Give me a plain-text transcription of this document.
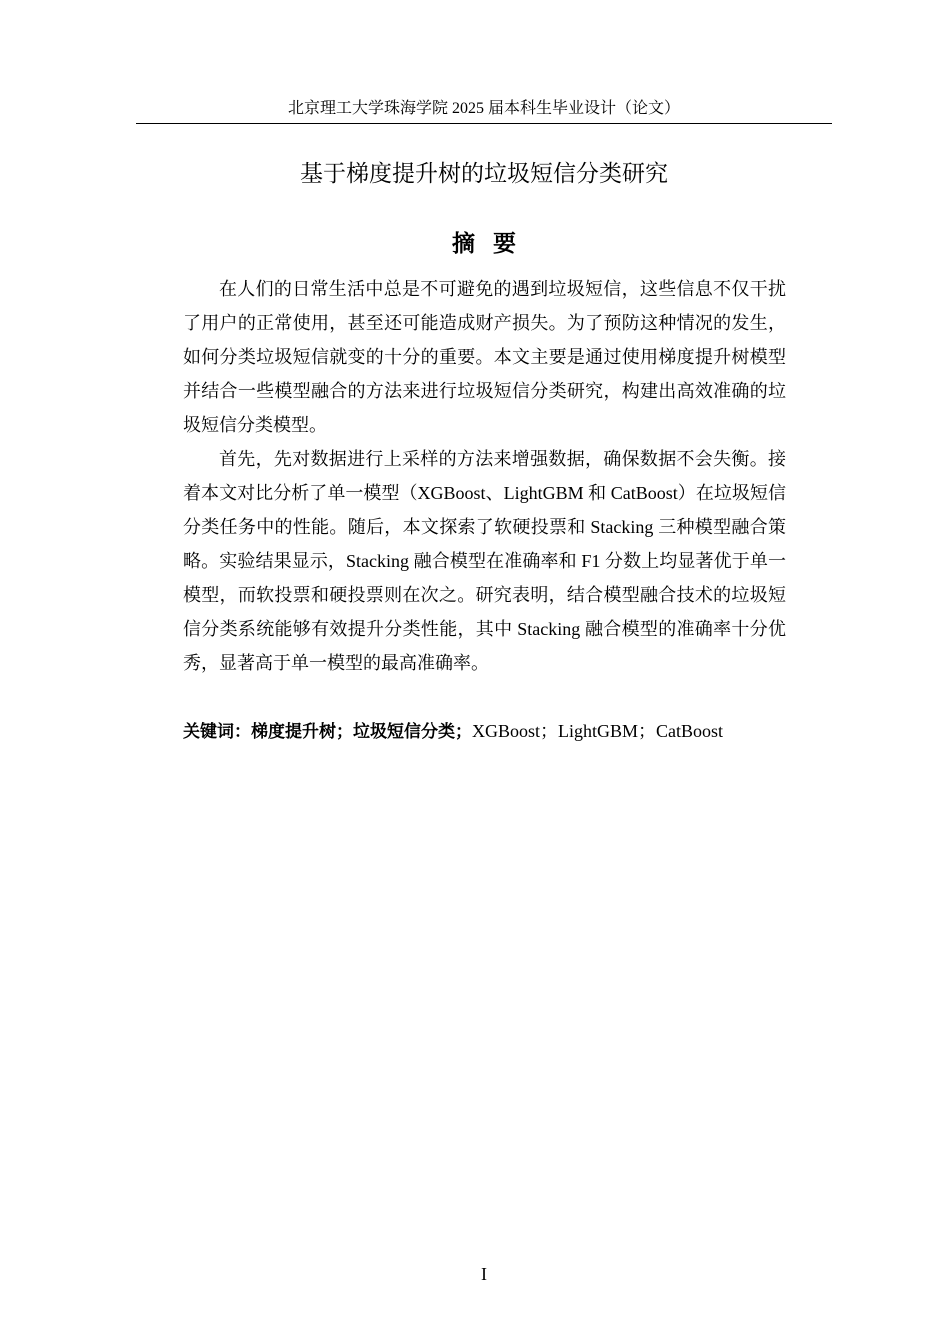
北京理工大学珠海学院 2025 届本科生毕业设计（论文）
基于梯度提升树的垃圾短信分类研究
摘要

在人们的日常生活中总是不可避免的遇到垃圾短信，这些信息不仅干扰了用户的正常使用，甚至还可能造成财产损失。为了预防这种情况的发生，如何分类垃圾短信就变的十分的重要。本文主要是通过使用梯度提升树模型并结合一些模型融合的方法来进行垃圾短信分类研究，构建出高效准确的垃圾短信分类模型。

首先，先对数据进行上采样的方法来增强数据，确保数据不会失衡。接着本文对比分析了单一模型（XGBoost、LightGBM 和 CatBoost）在垃圾短信分类任务中的性能。随后，本文探索了软硬投票和 Stacking 三种模型融合策略。实验结果显示，Stacking 融合模型在准确率和 F1 分数上均显著优于单一模型，而软投票和硬投票则在次之。研究表明，结合模型融合技术的垃圾短信分类系统能够有效提升分类性能，其中 Stacking 融合模型的准确率十分优秀，显著高于单一模型的最高准确率。

关键词：梯度提升树；垃圾短信分类；XGBoost；LightGBM；CatBoost
I
